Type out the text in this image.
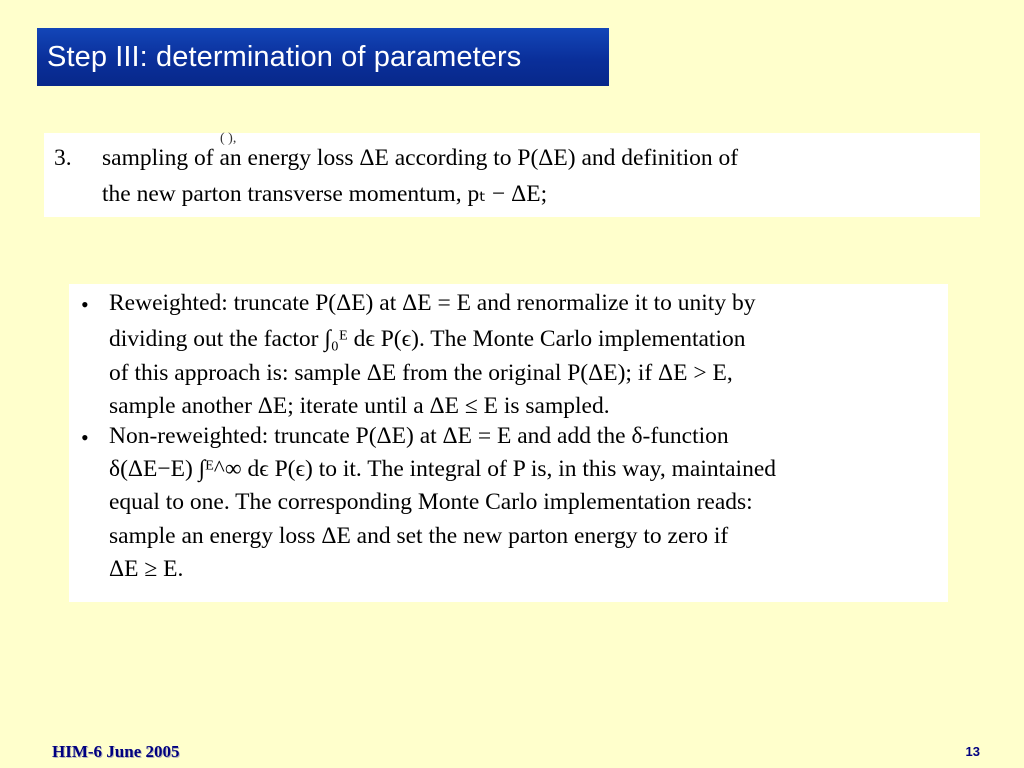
Step III: determination of parameters
( ),
3. sampling of an energy loss ΔE according to P(ΔE) and definition of
the new parton transverse momentum, pₜ − ΔE;
• Reweighted: truncate P(ΔE) at ΔE = E and renormalize it to unity by
dividing out the factor ∫₀ᴱ dϵ P(ϵ). The Monte Carlo implementation
of this approach is: sample ΔE from the original P(ΔE); if ΔE > E,
sample another ΔE; iterate until a ΔE ≤ E is sampled.
• Non-reweighted: truncate P(ΔE) at ΔE = E and add the δ-function
δ(ΔE−E) ∫ᴱ^∞ dϵ P(ϵ) to it. The integral of P is, in this way, maintained
equal to one. The corresponding Monte Carlo implementation reads:
sample an energy loss ΔE and set the new parton energy to zero if
ΔE ≥ E.
HIM-6 June 2005	13
